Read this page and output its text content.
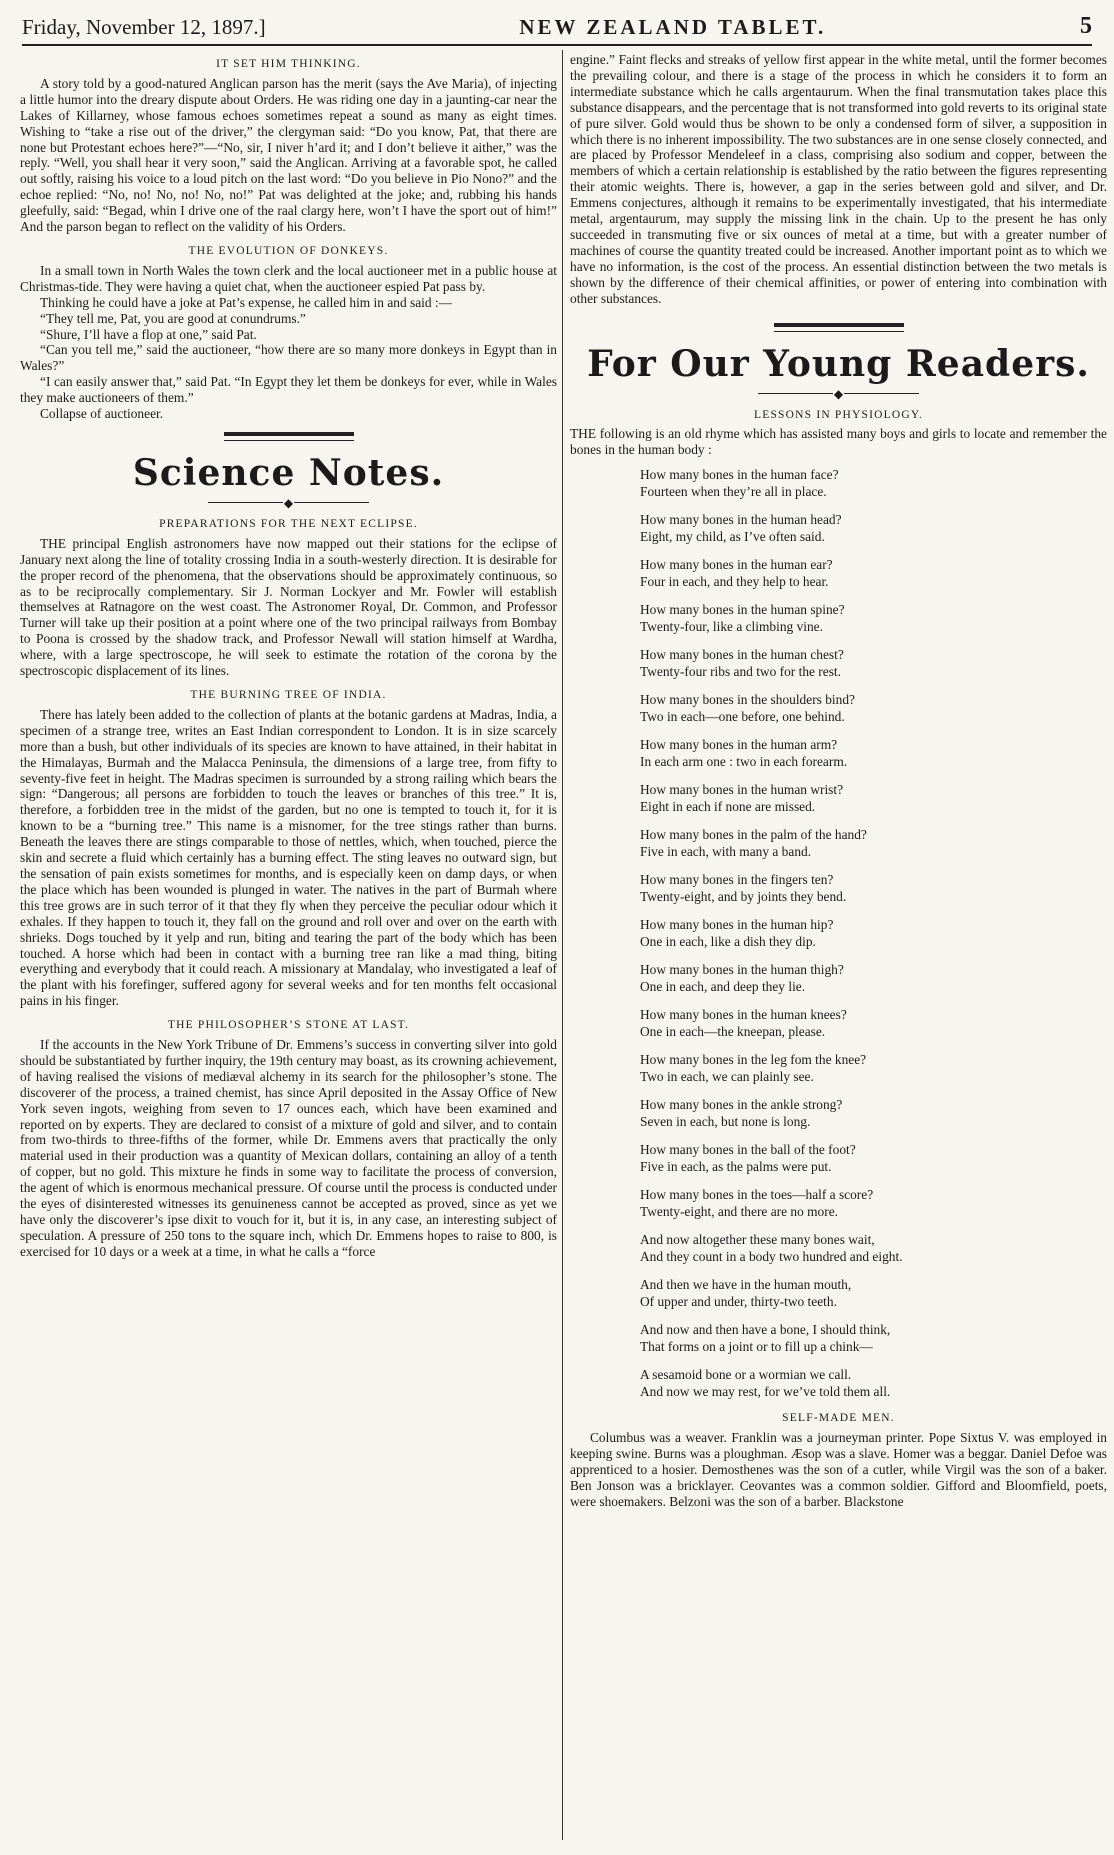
Friday, November 12, 1897.]	NEW ZEALAND TABLET.	5
IT SET HIM THINKING.

A story told by a good-natured Anglican parson has the merit (says the Ave Maria), of injecting a little humor into the dreary dispute about Orders. He was riding one day in a jaunting-car near the Lakes of Killarney, whose famous echoes sometimes repeat a sound as many as eight times. Wishing to “take a rise out of the driver,” the clergyman said: “Do you know, Pat, that there are none but Protestant echoes here?”—“No, sir, I niver h’ard it; and I don’t believe it aither,” was the reply. “Well, you shall hear it very soon,” said the Anglican. Arriving at a favorable spot, he called out softly, raising his voice to a loud pitch on the last word: “Do you believe in Pio Nono?” and the echoe replied: “No, no! No, no! No, no!” Pat was delighted at the joke; and, rubbing his hands gleefully, said: “Begad, whin I drive one of the raal clargy here, won’t I have the sport out of him!” And the parson began to reflect on the validity of his Orders.

THE EVOLUTION OF DONKEYS.

In a small town in North Wales the town clerk and the local auctioneer met in a public house at Christmas-tide. They were having a quiet chat, when the auctioneer espied Pat pass by.

Thinking he could have a joke at Pat’s expense, he called him in and said :—

“They tell me, Pat, you are good at conundrums.”

“Shure, I’ll have a flop at one,” said Pat.

“Can you tell me,” said the auctioneer, “how there are so many more donkeys in Egypt than in Wales?”

“I can easily answer that,” said Pat. “In Egypt they let them be donkeys for ever, while in Wales they make auctioneers of them.”

Collapse of auctioneer.

Science Notes.
◆
PREPARATIONS FOR THE NEXT ECLIPSE.

THE principal English astronomers have now mapped out their stations for the eclipse of January next along the line of totality crossing India in a south-westerly direction. It is desirable for the proper record of the phenomena, that the observations should be approximately continuous, so as to be reciprocally complementary. Sir J. Norman Lockyer and Mr. Fowler will establish themselves at Ratnagore on the west coast. The Astronomer Royal, Dr. Common, and Professor Turner will take up their position at a point where one of the two principal railways from Bombay to Poona is crossed by the shadow track, and Professor Newall will station himself at Wardha, where, with a large spectroscope, he will seek to estimate the rotation of the corona by the spectroscopic displacement of its lines.

THE BURNING TREE OF INDIA.

There has lately been added to the collection of plants at the botanic gardens at Madras, India, a specimen of a strange tree, writes an East Indian correspondent to London. It is in size scarcely more than a bush, but other individuals of its species are known to have attained, in their habitat in the Himalayas, Burmah and the Malacca Peninsula, the dimensions of a large tree, from fifty to seventy-five feet in height. The Madras specimen is surrounded by a strong railing which bears the sign: “Dangerous; all persons are forbidden to touch the leaves or branches of this tree.” It is, therefore, a forbidden tree in the midst of the garden, but no one is tempted to touch it, for it is known to be a “burning tree.” This name is a misnomer, for the tree stings rather than burns. Beneath the leaves there are stings comparable to those of nettles, which, when touched, pierce the skin and secrete a fluid which certainly has a burning effect. The sting leaves no outward sign, but the sensation of pain exists sometimes for months, and is especially keen on damp days, or when the place which has been wounded is plunged in water. The natives in the part of Burmah where this tree grows are in such terror of it that they fly when they perceive the peculiar odour which it exhales. If they happen to touch it, they fall on the ground and roll over and over on the earth with shrieks. Dogs touched by it yelp and run, biting and tearing the part of the body which has been touched. A horse which had been in contact with a burning tree ran like a mad thing, biting everything and everybody that it could reach. A missionary at Mandalay, who investigated a leaf of the plant with his forefinger, suffered agony for several weeks and for ten months felt occasional pains in his finger.

THE PHILOSOPHER’S STONE AT LAST.

If the accounts in the New York Tribune of Dr. Emmens’s success in converting silver into gold should be substantiated by further inquiry, the 19th century may boast, as its crowning achievement, of having realised the visions of mediæval alchemy in its search for the philosopher’s stone. The discoverer of the process, a trained chemist, has since April deposited in the Assay Office of New York seven ingots, weighing from seven to 17 ounces each, which have been examined and reported on by experts. They are declared to consist of a mixture of gold and silver, and to contain from two-thirds to three-fifths of the former, while Dr. Emmens avers that practically the only material used in their production was a quantity of Mexican dollars, containing an alloy of a tenth of copper, but no gold. This mixture he finds in some way to facilitate the process of conversion, the agent of which is enormous mechanical pressure. Of course until the process is conducted under the eyes of disinterested witnesses its genuineness cannot be accepted as proved, since as yet we have only the discoverer’s ipse dixit to vouch for it, but it is, in any case, an interesting subject of speculation. A pressure of 250 tons to the square inch, which Dr. Emmens hopes to raise to 800, is exercised for 10 days or a week at a time, in what he calls a “force

engine.” Faint flecks and streaks of yellow first appear in the white metal, until the former becomes the prevailing colour, and there is a stage of the process in which he considers it to form an intermediate substance which he calls argentaurum. When the final transmutation takes place this substance disappears, and the percentage that is not transformed into gold reverts to its original state of pure silver. Gold would thus be shown to be only a condensed form of silver, a supposition in which there is no inherent impossibility. The two substances are in one sense closely connected, and are placed by Professor Mendeleef in a class, comprising also sodium and copper, between the members of which a certain relationship is established by the ratio between the figures representing their atomic weights. There is, however, a gap in the series between gold and silver, and Dr. Emmens conjectures, although it remains to be experimentally investigated, that his intermediate metal, argentaurum, may supply the missing link in the chain. Up to the present he has only succeeded in transmuting five or six ounces of metal at a time, but with a greater number of machines of course the quantity treated could be increased. Another important point as to which we have no information, is the cost of the process. An essential distinction between the two metals is shown by the difference of their chemical affinities, or power of entering into combination with other substances.

For Our Young Readers.
◆
LESSONS IN PHYSIOLOGY.

THE following is an old rhyme which has assisted many boys and girls to locate and remember the bones in the human body :

How many bones in the human face?
Fourteen when they’re all in place.
How many bones in the human head?
Eight, my child, as I’ve often said.
How many bones in the human ear?
Four in each, and they help to hear.
How many bones in the human spine?
Twenty-four, like a climbing vine.
How many bones in the human chest?
Twenty-four ribs and two for the rest.
How many bones in the shoulders bind?
Two in each—one before, one behind.
How many bones in the human arm?
In each arm one : two in each forearm.
How many bones in the human wrist?
Eight in each if none are missed.
How many bones in the palm of the hand?
Five in each, with many a band.
How many bones in the fingers ten?
Twenty-eight, and by joints they bend.
How many bones in the human hip?
One in each, like a dish they dip.
How many bones in the human thigh?
One in each, and deep they lie.
How many bones in the human knees?
One in each—the kneepan, please.
How many bones in the leg fom the knee?
Two in each, we can plainly see.
How many bones in the ankle strong?
Seven in each, but none is long.
How many bones in the ball of the foot?
Five in each, as the palms were put.
How many bones in the toes—half a score?
Twenty-eight, and there are no more.
And now altogether these many bones wait,
And they count in a body two hundred and eight.
And then we have in the human mouth,
Of upper and under, thirty-two teeth.
And now and then have a bone, I should think,
That forms on a joint or to fill up a chink—
A sesamoid bone or a wormian we call.
And now we may rest, for we’ve told them all.
SELF-MADE MEN.

Columbus was a weaver. Franklin was a journeyman printer. Pope Sixtus V. was employed in keeping swine. Burns was a ploughman. Æsop was a slave. Homer was a beggar. Daniel Defoe was apprenticed to a hosier. Demosthenes was the son of a cutler, while Virgil was the son of a baker. Ben Jonson was a bricklayer. Ceovantes was a common soldier. Gifford and Bloomfield, poets, were shoemakers. Belzoni was the son of a barber. Blackstone
